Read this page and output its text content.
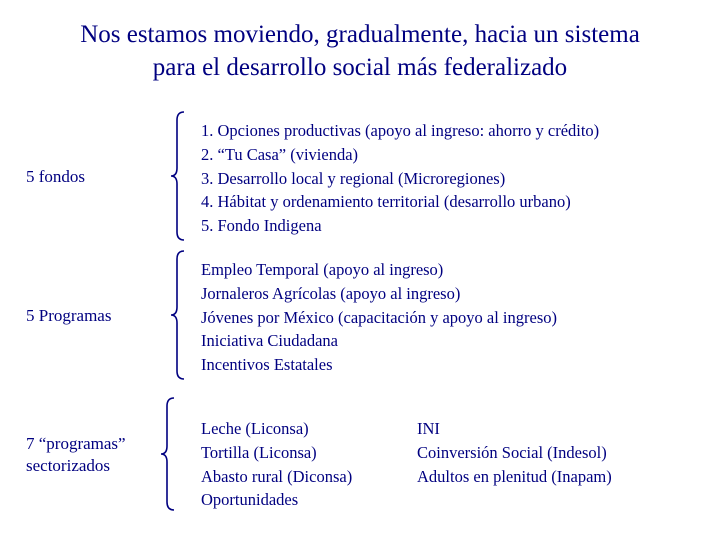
Nos estamos moviendo, gradualmente, hacia un sistema
para el desarrollo social más federalizado
5 fondos
1. Opciones productivas (apoyo al ingreso: ahorro y crédito)
2. “Tu Casa” (vivienda)
3. Desarrollo local y regional (Microregiones)
4. Hábitat y ordenamiento territorial (desarrollo urbano)
5. Fondo Indigena
5 Programas
Empleo Temporal (apoyo al ingreso)
Jornaleros Agrícolas (apoyo al ingreso)
Jóvenes por México (capacitación y apoyo al ingreso)
Iniciativa Ciudadana
Incentivos Estatales
7 “programas”
sectorizados
Leche (Liconsa)
Tortilla (Liconsa)
Abasto rural (Diconsa)
Oportunidades
INI
Coinversión Social (Indesol)
Adultos en plenitud (Inapam)
